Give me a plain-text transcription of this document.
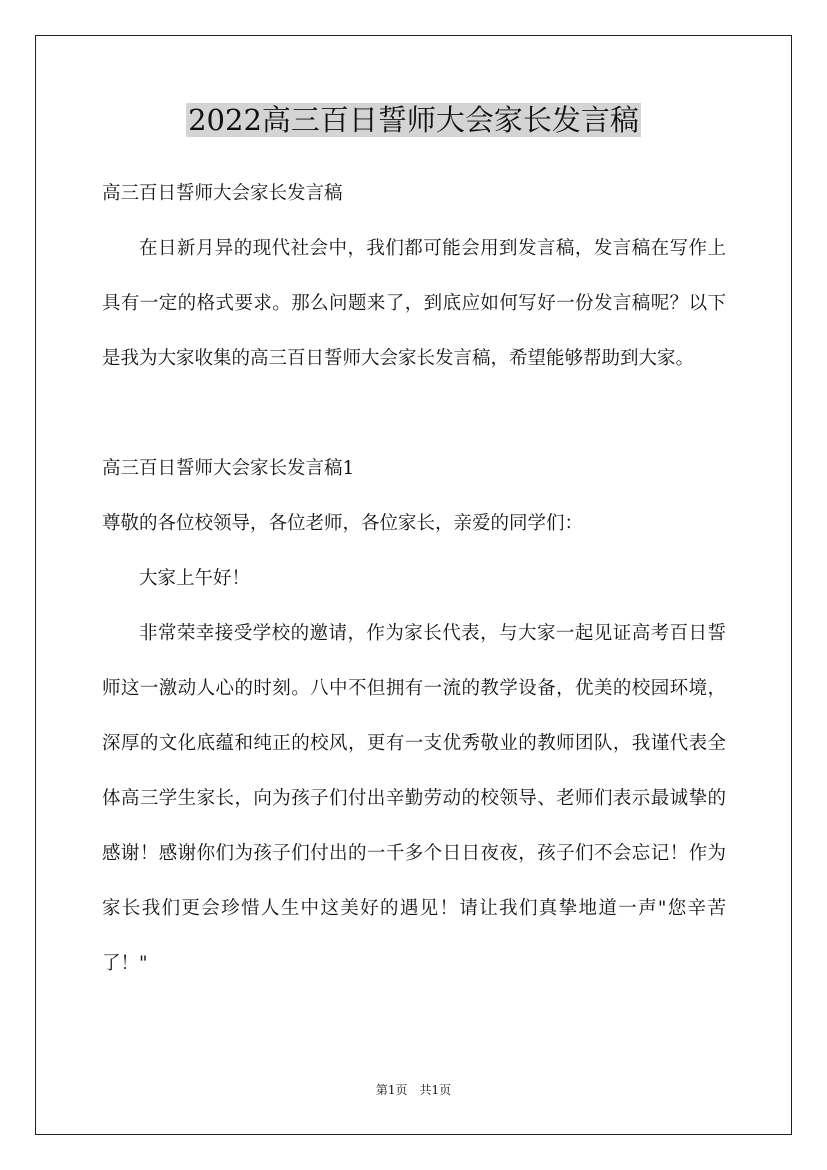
2022高三百日誓师大会家长发言稿

高三百日誓师大会家长发言稿

在日新月异的现代社会中，我们都可能会用到发言稿，发言稿在写作上具有一定的格式要求。那么问题来了，到底应如何写好一份发言稿呢？以下是我为大家收集的高三百日誓师大会家长发言稿，希望能够帮助到大家。

高三百日誓师大会家长发言稿1

尊敬的各位校领导，各位老师，各位家长，亲爱的同学们：

大家上午好！

非常荣幸接受学校的邀请，作为家长代表，与大家一起见证高考百日誓师这一激动人心的时刻。八中不但拥有一流的教学设备，优美的校园环境，深厚的文化底蕴和纯正的校风，更有一支优秀敬业的教师团队，我谨代表全体高三学生家长，向为孩子们付出辛勤劳动的校领导、老师们表示最诚挚的感谢！感谢你们为孩子们付出的一千多个日日夜夜，孩子们不会忘记！作为家长我们更会珍惜人生中这美好的遇见！请让我们真挚地道一声"您辛苦了！"

第1页　共1页
